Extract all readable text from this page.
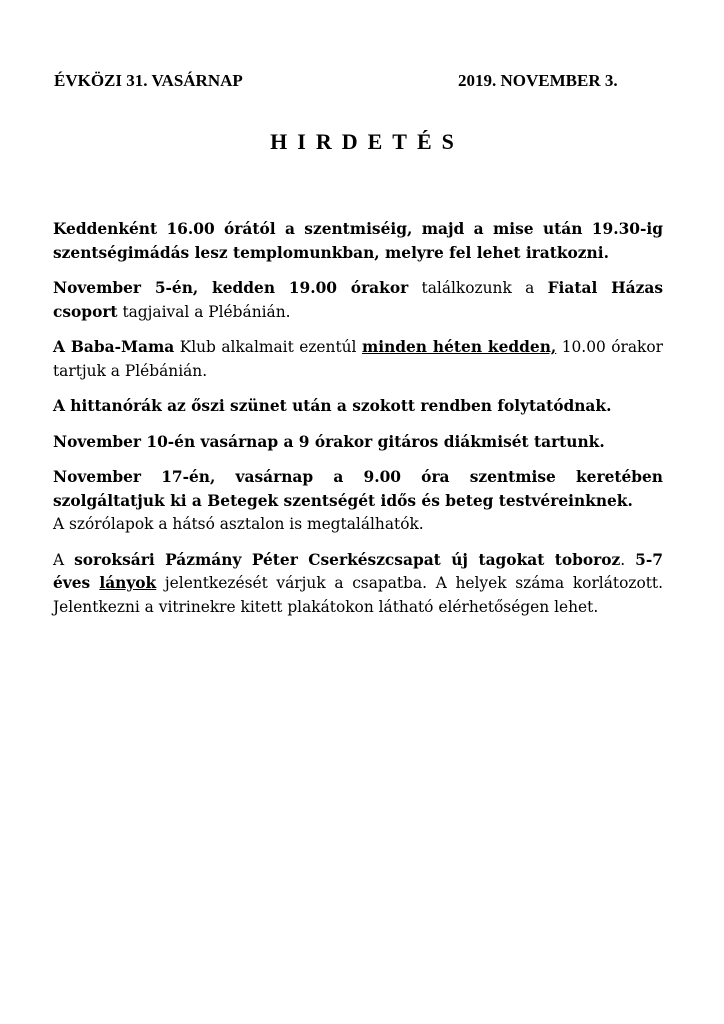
ÉVKÖZI 31. VASÁRNAP	2019. NOVEMBER 3.
HIRDETÉS

Keddenként 16.00 órától a szentmiséig, majd a mise után 19.30-ig szentségimádás lesz templomunkban, melyre fel lehet iratkozni.

November 5-én, kedden 19.00 órakor találkozunk a Fiatal Házas csoport tagjaival a Plébánián.

A Baba-Mama Klub alkalmait ezentúl minden héten kedden, 10.00 órakor tartjuk a Plébánián.

A hittanórák az őszi szünet után a szokott rendben folytatódnak.

November 10-én vasárnap a 9 órakor gitáros diákmisét tartunk.

November 17-én, vasárnap a 9.00 óra szentmise keretében szolgáltatjuk ki a Betegek szentségét idős és beteg testvéreinknek.
A szórólapok a hátsó asztalon is megtalálhatók.

A soroksári Pázmány Péter Cserkészcsapat új tagokat toboroz. 5-7 éves lányok jelentkezését várjuk a csapatba. A helyek száma korlátozott. Jelentkezni a vitrinekre kitett plakátokon látható elérhetőségen lehet.
